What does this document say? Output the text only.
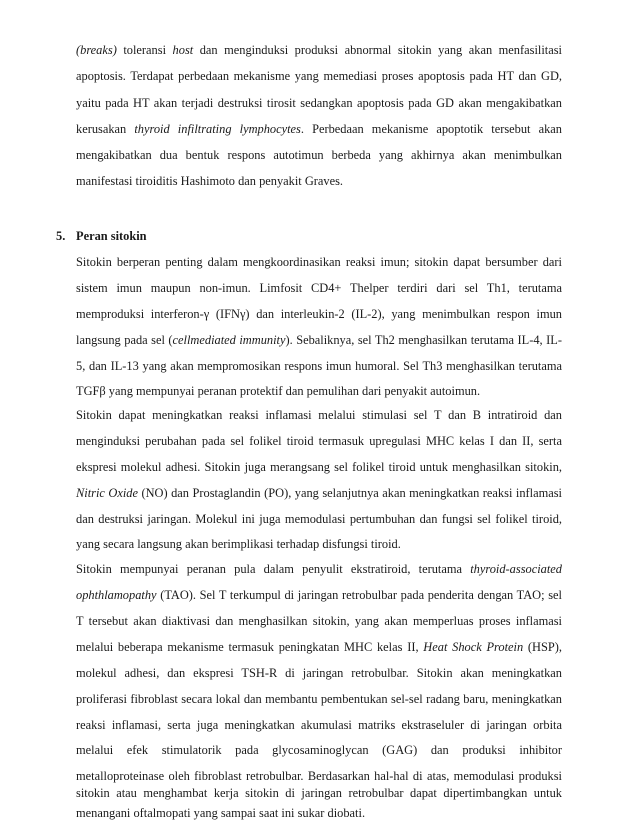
(breaks) toleransi host dan menginduksi produksi abnormal sitokin yang akan menfasilitasi
apoptosis. Terdapat perbedaan mekanisme yang memediasi proses apoptosis pada HT dan GD,
yaitu pada HT akan terjadi destruksi tirosit sedangkan apoptosis pada GD akan mengakibatkan
kerusakan thyroid infiltrating lymphocytes. Perbedaan mekanisme apoptotik tersebut akan
mengakibatkan dua bentuk respons autotimun berbeda yang akhirnya akan menimbulkan
manifestasi tiroiditis Hashimoto dan penyakit Graves.
5. Peran sitokin
Sitokin berperan penting dalam mengkoordinasikan reaksi imun; sitokin dapat bersumber dari
sistem imun maupun non-imun. Limfosit CD4+ Thelper terdiri dari sel Th1, terutama
memproduksi interferon-γ (IFNγ) dan interleukin-2 (IL-2), yang menimbulkan respon imun
langsung pada sel (cellmediated immunity). Sebaliknya, sel Th2 menghasilkan terutama IL-4, IL-
5, dan IL-13 yang akan mempromosikan respons imun humoral. Sel Th3 menghasilkan terutama
TGFβ yang mempunyai peranan protektif dan pemulihan dari penyakit autoimun.
Sitokin dapat meningkatkan reaksi inflamasi melalui stimulasi sel T dan B intratiroid dan
menginduksi perubahan pada sel folikel tiroid termasuk upregulasi MHC kelas I dan II, serta
ekspresi molekul adhesi. Sitokin juga merangsang sel folikel tiroid untuk menghasilkan sitokin,
Nitric Oxide (NO) dan Prostaglandin (PO), yang selanjutnya akan meningkatkan reaksi inflamasi
dan destruksi jaringan. Molekul ini juga memodulasi pertumbuhan dan fungsi sel folikel tiroid,
yang secara langsung akan berimplikasi terhadap disfungsi tiroid.
Sitokin mempunyai peranan pula dalam penyulit ekstratiroid, terutama thyroid-associated
ophthlamopathy (TAO). Sel T terkumpul di jaringan retrobulbar pada penderita dengan TAO; sel
T tersebut akan diaktivasi dan menghasilkan sitokin, yang akan memperluas proses inflamasi
melalui beberapa mekanisme termasuk peningkatan MHC kelas II, Heat Shock Protein (HSP),
molekul adhesi, dan ekspresi TSH-R di jaringan retrobulbar. Sitokin akan meningkatkan
proliferasi fibroblast secara lokal dan membantu pembentukan sel-sel radang baru, meningkatkan
reaksi inflamasi, serta juga meningkatkan akumulasi matriks ekstraseluler di jaringan orbita
melalui efek stimulatorik pada glycosaminoglycan (GAG) dan produksi inhibitor
metalloproteinase oleh fibroblast retrobulbar. Berdasarkan hal-hal di atas, memodulasi produksi
sitokin atau menghambat kerja sitokin di jaringan retrobulbar dapat dipertimbangkan untuk
menangani oftalmopati yang sampai saat ini sukar diobati.
